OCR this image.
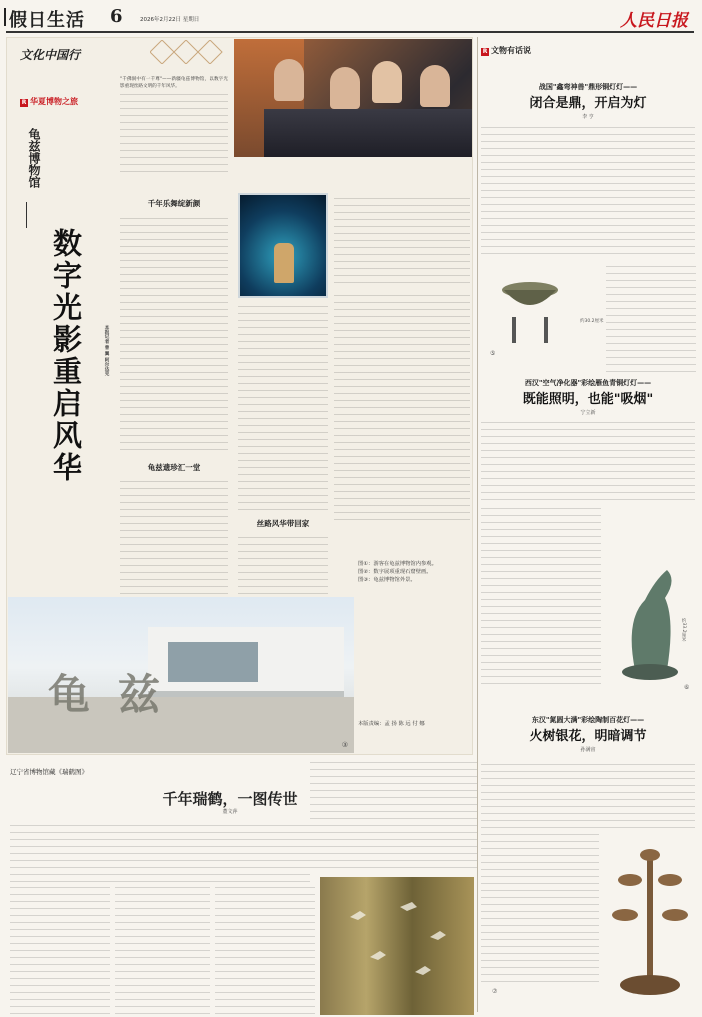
假日生活 6	2026年2月22日 星期日	人民日报
文化中国行
R 华夏博物之旅
龟兹博物馆
数字光影重启风华	本报记者 曾 翼 阿尔达克
"千佛洞中有一千尊"——新疆龟兹博物馆，以数字光影重现丝路文明的千年风华。
千年乐舞绽新颜
龟兹遗珍汇一堂
丝路风华带回家
图①：游客在龟兹博物馆内参观。
图②：数字展项重现石窟壁画。
图③：龟兹博物馆外景。
本版责编：孟 扬 陈 远 付 娜
龟兹
③
R 文物有话说
战国"鑫弯神兽"鼎形铜灯灯——
闭合是鼎，开启为灯
李 亨
约30.2厘米
⑤
西汉"空气净化器"彩绘雁鱼青铜灯灯——
既能照明，也能"吸烟"
宁立新
约33.2厘米
⑥
东汉"氮圆大满"彩绘陶制百花灯——
火树银花，明暗调节
孙满宙
⑦
辽宁省博物馆藏《瑞鹤图》
千年瑞鹤，一图传世
董文萍
